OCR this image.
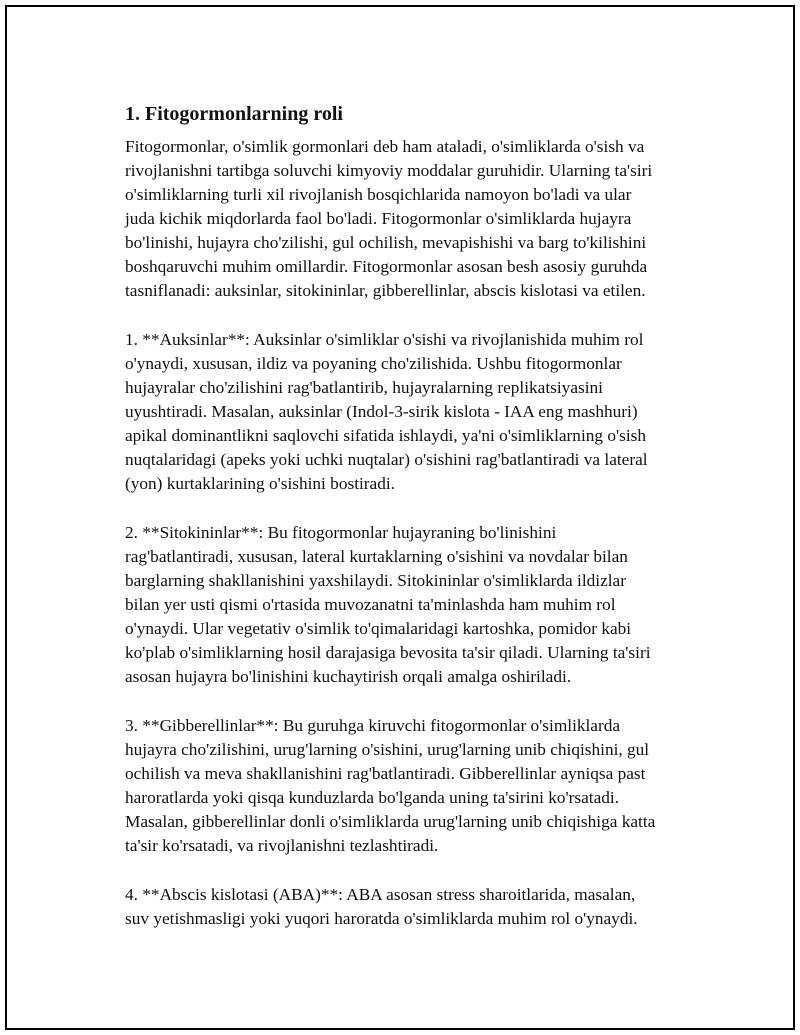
1. Fitogormonlarning roli
Fitogormonlar, o'simlik gormonlari deb ham ataladi, o'simliklarda o'sish va
rivojlanishni tartibga soluvchi kimyoviy moddalar guruhidir. Ularning ta'siri
o'simliklarning turli xil rivojlanish bosqichlarida namoyon bo'ladi va ular
juda kichik miqdorlarda faol bo'ladi. Fitogormonlar o'simliklarda hujayra
bo'linishi, hujayra cho'zilishi, gul ochilish, mevapishishi va barg to'kilishini
boshqaruvchi muhim omillardir. Fitogormonlar asosan besh asosiy guruhda
tasniflanadi: auksinlar, sitokininlar, gibberellinlar, abscis kislotasi va etilen.
1. **Auksinlar**: Auksinlar o'simliklar o'sishi va rivojlanishida muhim rol
o'ynaydi, xususan, ildiz va poyaning cho'zilishida. Ushbu fitogormonlar
hujayralar cho'zilishini rag'batlantirib, hujayralarning replikatsiyasini
uyushtiradi. Masalan, auksinlar (Indol-3-sirik kislota - IAA eng mashhuri)
apikal dominantlikni saqlovchi sifatida ishlaydi, ya'ni o'simliklarning o'sish
nuqtalaridagi (apeks yoki uchki nuqtalar) o'sishini rag'batlantiradi va lateral
(yon) kurtaklarining o'sishini bostiradi.
2. **Sitokininlar**: Bu fitogormonlar hujayraning bo'linishini
rag'batlantiradi, xususan, lateral kurtaklarning o'sishini va novdalar bilan
barglarning shakllanishini yaxshilaydi. Sitokininlar o'simliklarda ildizlar
bilan yer usti qismi o'rtasida muvozanatni ta'minlashda ham muhim rol
o'ynaydi. Ular vegetativ o'simlik to'qimalaridagi kartoshka, pomidor kabi
ko'plab o'simliklarning hosil darajasiga bevosita ta'sir qiladi. Ularning ta'siri
asosan hujayra bo'linishini kuchaytirish orqali amalga oshiriladi.
3. **Gibberellinlar**: Bu guruhga kiruvchi fitogormonlar o'simliklarda
hujayra cho'zilishini, urug'larning o'sishini, urug'larning unib chiqishini, gul
ochilish va meva shakllanishini rag'batlantiradi. Gibberellinlar ayniqsa past
haroratlarda yoki qisqa kunduzlarda bo'lganda uning ta'sirini ko'rsatadi.
Masalan, gibberellinlar donli o'simliklarda urug'larning unib chiqishiga katta
ta'sir ko'rsatadi, va rivojlanishni tezlashtiradi.
4. **Abscis kislotasi (ABA)**: ABA asosan stress sharoitlarida, masalan,
suv yetishmasligi yoki yuqori haroratda o'simliklarda muhim rol o'ynaydi.
